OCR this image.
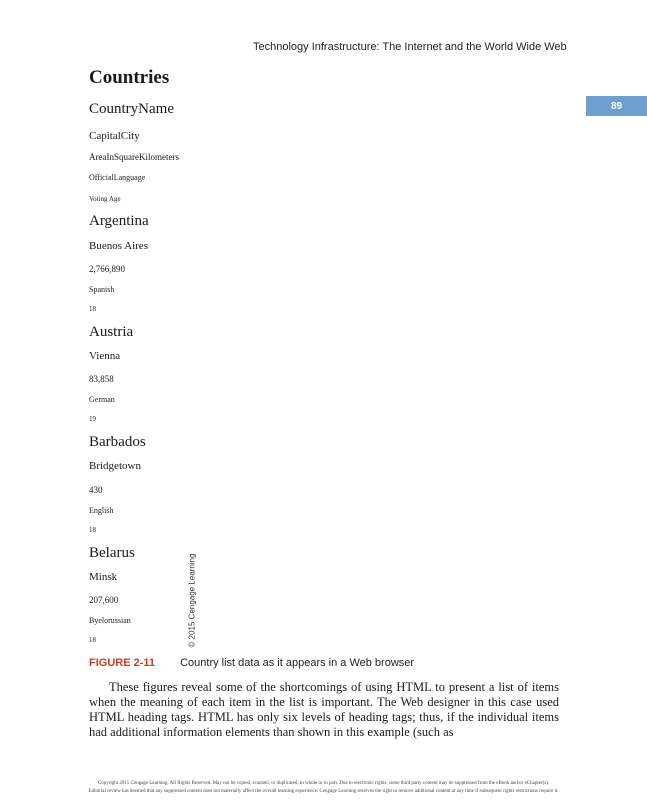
Technology Infrastructure: The Internet and the World Wide Web
89
Countries
CountryName
CapitalCity
AreaInSquareKilometers
OfficialLanguage
Voting Age
Argentina
Buenos Aires
2,766,890
Spanish
18
Austria
Vienna
83,858
German
19
Barbados
Bridgetown
430
English
18
Belarus
Minsk
207,600
Byelorussian
18	© 2015 Cengage Learning
FIGURE 2-11 Country list data as it appears in a Web browser

These figures reveal some of the shortcomings of using HTML to present a list of items when the meaning of each item in the list is important. The Web designer in this case used HTML heading tags. HTML has only six levels of heading tags; thus, if the individual items had additional information elements than shown in this example (such as

Copyright 2015 Cengage Learning. All Rights Reserved. May not be copied, scanned, or duplicated, in whole or in part. Due to electronic rights, some third party content may be suppressed from the eBook and/or eChapter(s).
Editorial review has deemed that any suppressed content does not materially affect the overall learning experience. Cengage Learning reserves the right to remove additional content at any time if subsequent rights restrictions require it.
